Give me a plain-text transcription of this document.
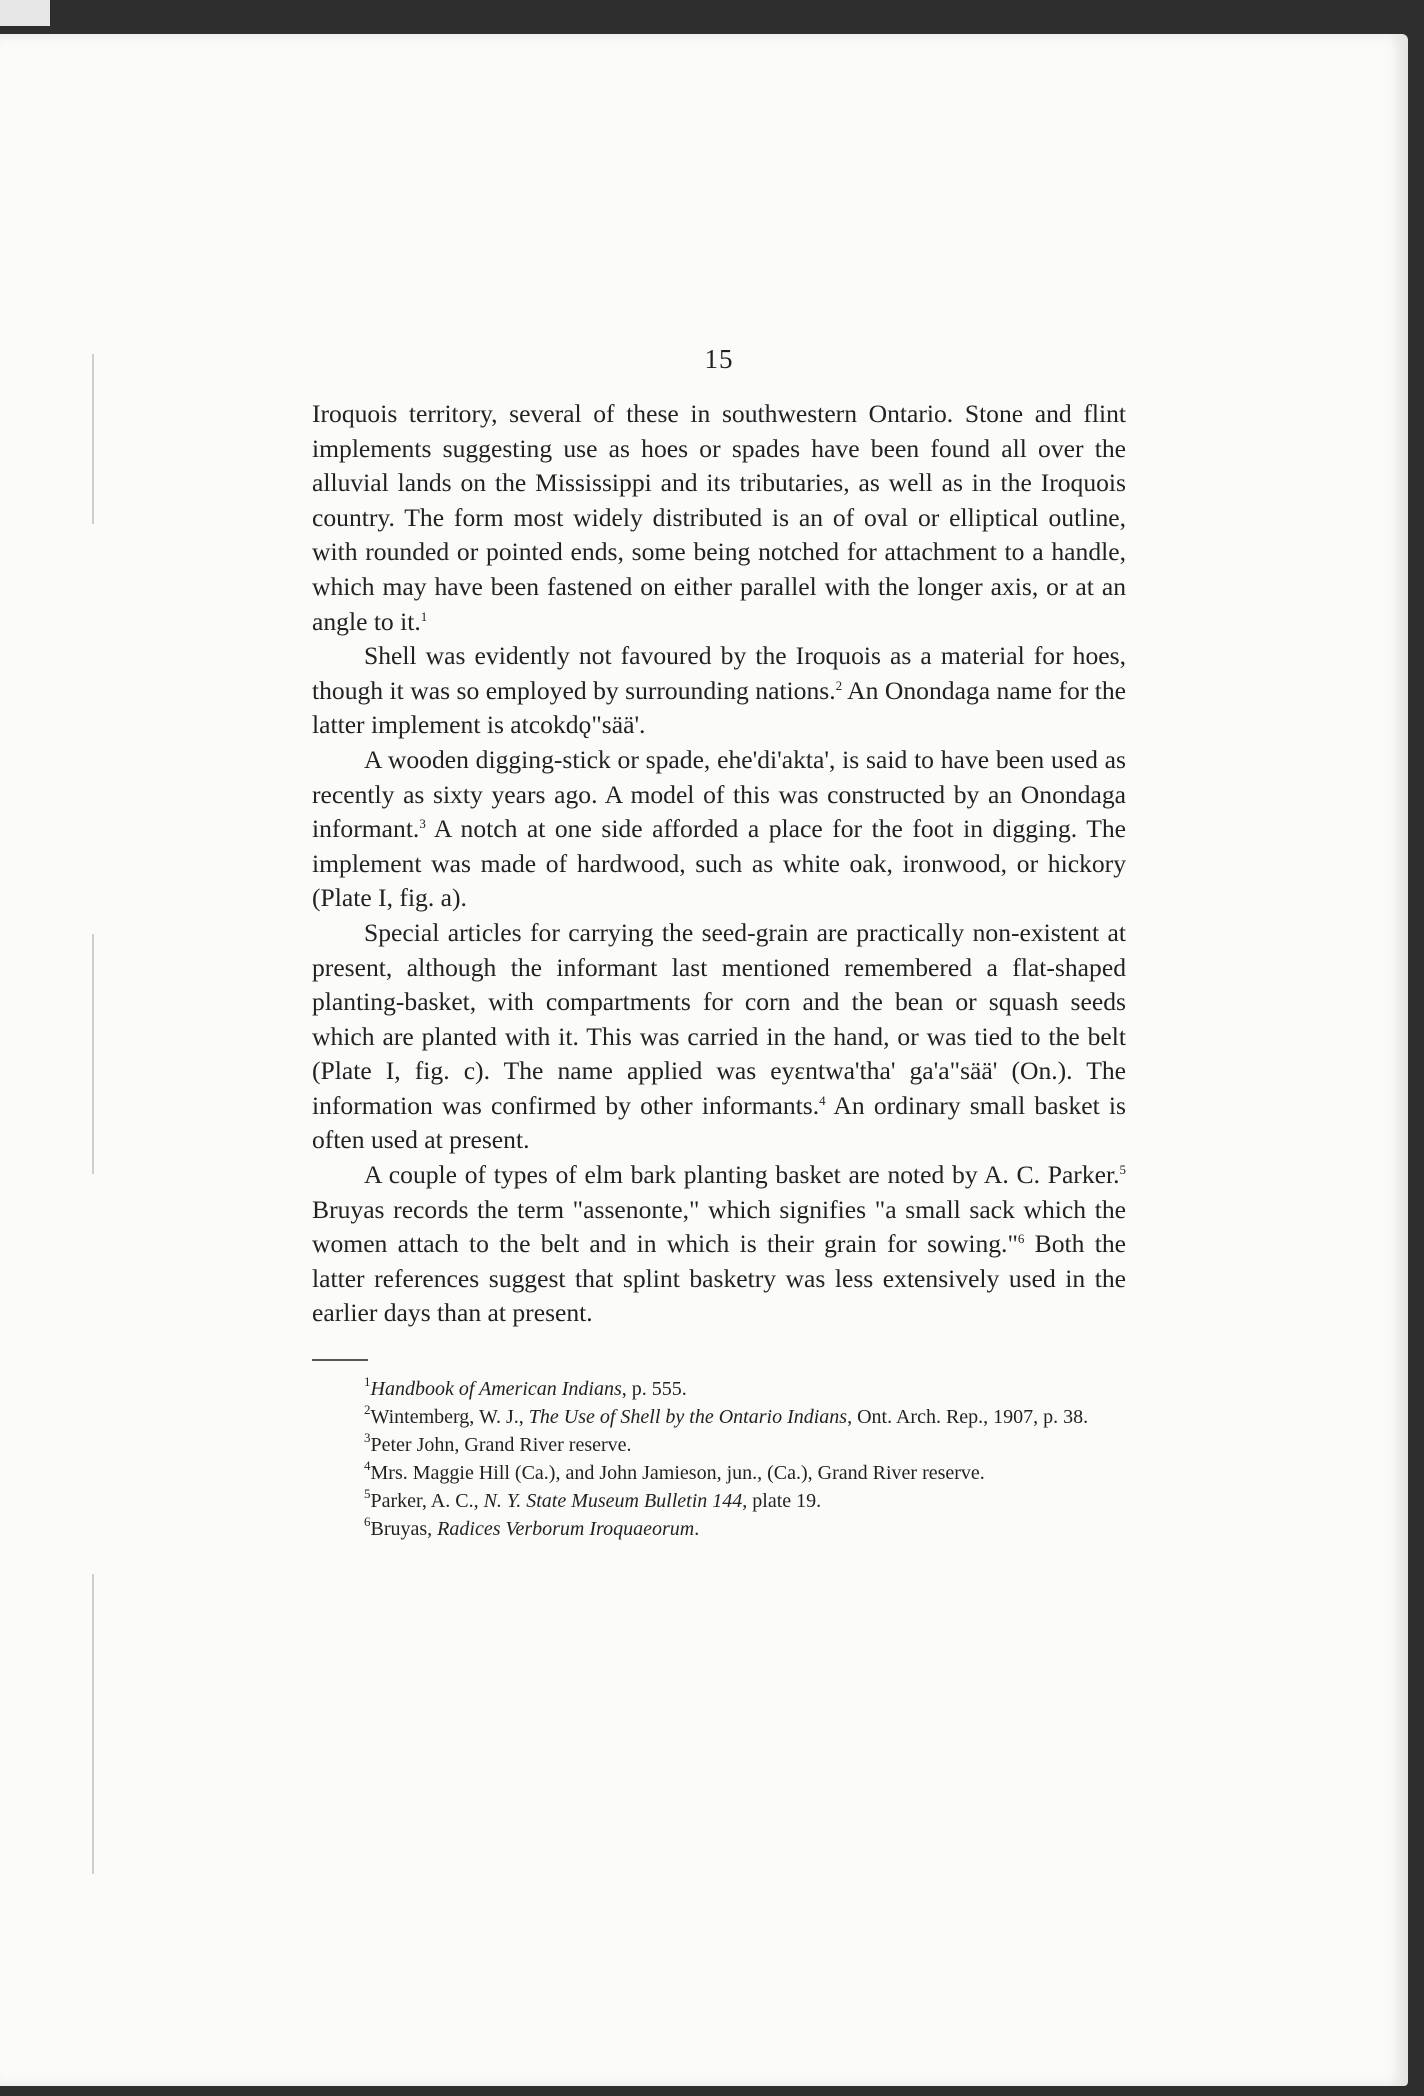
15

Iroquois territory, several of these in southwestern Ontario. Stone and flint implements suggesting use as hoes or spades have been found all over the alluvial lands on the Mississippi and its tributaries, as well as in the Iroquois country. The form most widely distributed is an of oval or elliptical outline, with rounded or pointed ends, some being notched for attachment to a handle, which may have been fastened on either parallel with the longer axis, or at an angle to it.$^1$

Shell was evidently not favoured by the Iroquois as a material for hoes, though it was so employed by surrounding nations.$^2$ An Onondaga name for the latter implement is atcokdǫ"sää'.

A wooden digging-stick or spade, ehe'di'akta', is said to have been used as recently as sixty years ago. A model of this was constructed by an Onondaga informant.$^3$ A notch at one side afforded a place for the foot in digging. The implement was made of hardwood, such as white oak, ironwood, or hickory (Plate I, fig. a).

Special articles for carrying the seed-grain are practically non-existent at present, although the informant last mentioned remembered a flat-shaped planting-basket, with compartments for corn and the bean or squash seeds which are planted with it. This was carried in the hand, or was tied to the belt (Plate I, fig. c). The name applied was eyɛntwa'tha' ga'a"sää' (On.). The information was confirmed by other informants.$^4$ An ordinary small basket is often used at present.

A couple of types of elm bark planting basket are noted by A. C. Parker.$^5$ Bruyas records the term "assenonte," which signifies "a small sack which the women attach to the belt and in which is their grain for sowing."$^6$ Both the latter references suggest that splint basketry was less extensively used in the earlier days than at present.

$^1$Handbook of American Indians, p. 555.

$^2$Wintemberg, W. J., The Use of Shell by the Ontario Indians, Ont. Arch. Rep., 1907, p. 38.

$^3$Peter John, Grand River reserve.

$^4$Mrs. Maggie Hill (Ca.), and John Jamieson, jun., (Ca.), Grand River reserve.

$^5$Parker, A. C., N. Y. State Museum Bulletin 144, plate 19.

$^6$Bruyas, Radices Verborum Iroquaeorum.
